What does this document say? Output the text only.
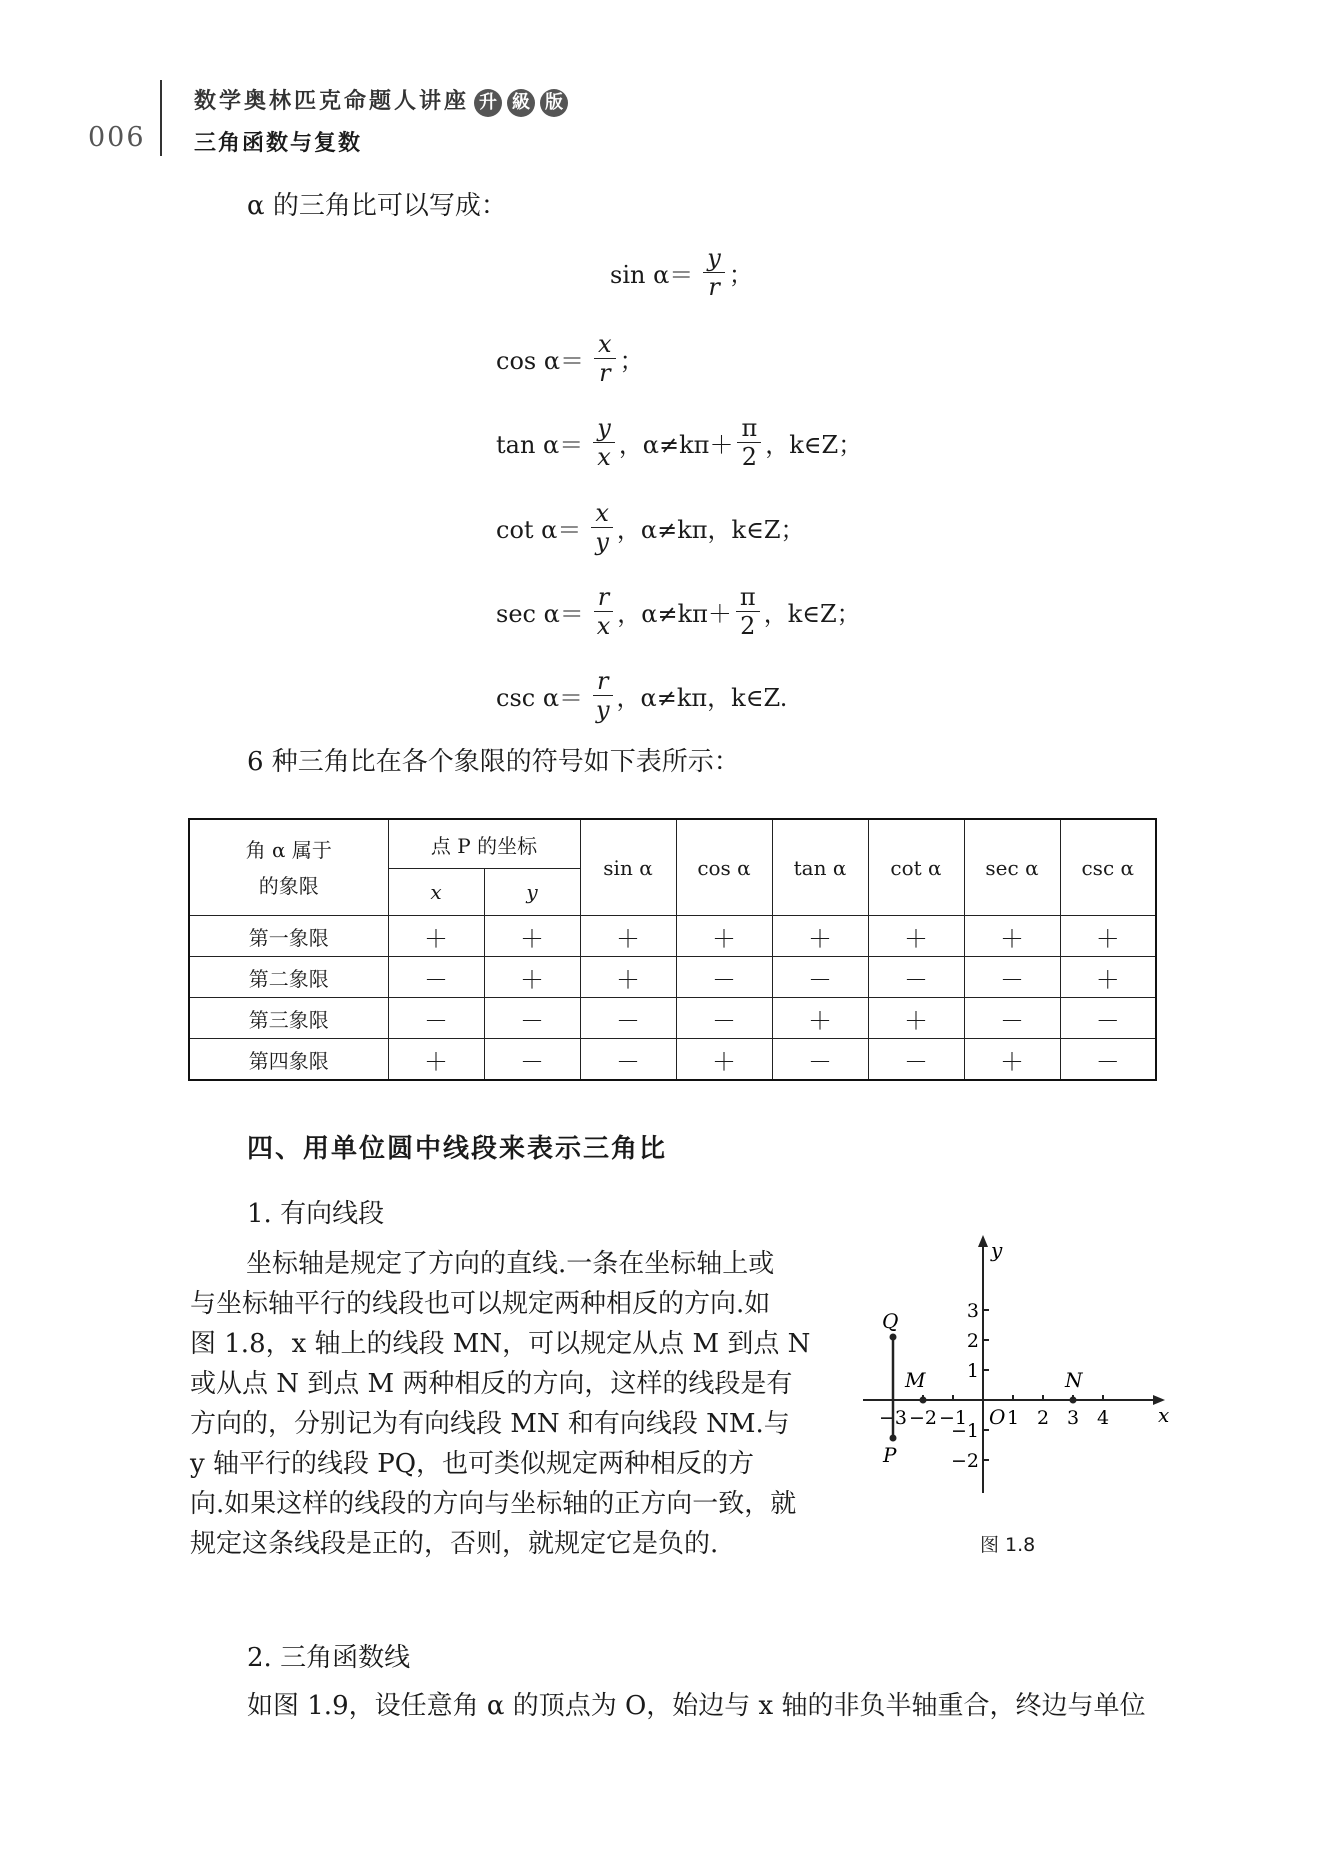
006
数学奥林匹克命题人讲座 升 級 版
三角函数与复数
α 的三角比可以写成：
$\sin \alpha= \frac{y}{r}$ ；
$\cos \alpha= \frac{x}{r}$ ；
$\tan \alpha= \frac{y}{x}$ ，$\alpha\ne k\pi+ \frac{\pi}{2}$ ，k∈Z；
$\cot \alpha= \frac{x}{y}$ ，α≠kπ，k∈Z；
$\sec \alpha= \frac{r}{x}$ ，$\alpha\ne k\pi+ \frac{\pi}{2}$ ，k∈Z；
$\csc \alpha= \frac{r}{y}$ ，α≠kπ，k∈Z.
6 种三角比在各个象限的符号如下表所示：
角 α 属于
的象限	点 P 的坐标		sin α	cos α	tan α	cot α	sec α	csc α
	x	y						
第一象限	＋	＋	＋	＋	＋	＋	＋	＋
第二象限	－	＋	＋	－	－	－	－	＋
第三象限	－	－	－	－	＋	＋	－	－
第四象限	＋	－	－	＋	－	－	＋	－
四、用单位圆中线段来表示三角比
1. 有向线段
坐标轴是规定了方向的直线.一条在坐标轴上或
与坐标轴平行的线段也可以规定两种相反的方向.如
图 1.8，x 轴上的线段 MN，可以规定从点 M 到点 N
或从点 N 到点 M 两种相反的方向，这样的线段是有
方向的，分别记为有向线段 MN 和有向线段 NM.与
y 轴平行的线段 PQ，也可类似规定两种相反的方
向.如果这样的线段的方向与坐标轴的正方向一致，就
规定这条线段是正的，否则，就规定它是负的.
2. 三角函数线
如图 1.9，设任意角 α 的顶点为 O，始边与 x 轴的非负半轴重合，终边与单位
x
y
O
−3 −2 −1 1 2 3 4
3
2
1
−1
−2
Q
P
M	N
图 1.8
